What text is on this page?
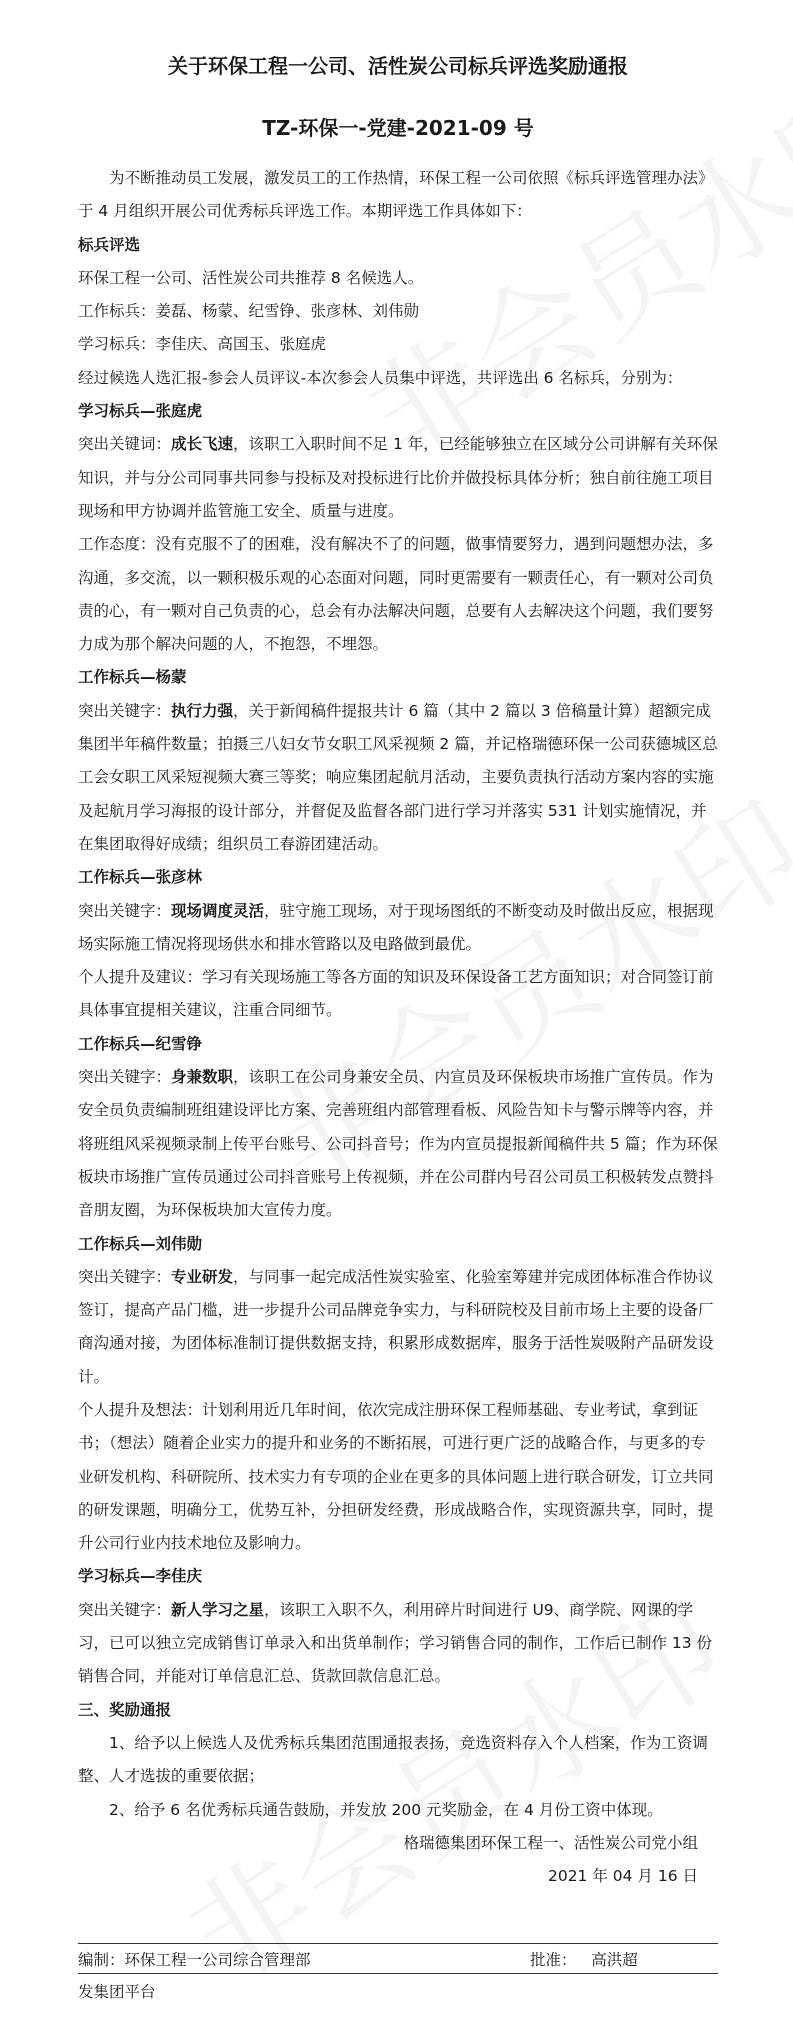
关于环保工程一公司、活性炭公司标兵评选奖励通报
TZ-环保一-党建-2021-09 号

为不断推动员工发展，激发员工的工作热情，环保工程一公司依照《标兵评选管理办法》于 4 月组织开展公司优秀标兵评选工作。本期评选工作具体如下：

标兵评选

环保工程一公司、活性炭公司共推荐 8 名候选人。

工作标兵：姜磊、杨蒙、纪雪铮、张彦林、刘伟勋

学习标兵：李佳庆、高国玉、张庭虎

经过候选人选汇报-参会人员评议-本次参会人员集中评选，共评选出 6 名标兵，分别为：

学习标兵—张庭虎

突出关键词：成长飞速，该职工入职时间不足 1 年，已经能够独立在区域分公司讲解有关环保知识，并与分公司同事共同参与投标及对投标进行比价并做投标具体分析；独自前往施工项目现场和甲方协调并监管施工安全、质量与进度。

工作态度：没有克服不了的困难，没有解决不了的问题，做事情要努力，遇到问题想办法，多沟通，多交流，以一颗积极乐观的心态面对问题，同时更需要有一颗责任心，有一颗对公司负责的心，有一颗对自己负责的心，总会有办法解决问题，总要有人去解决这个问题，我们要努力成为那个解决问题的人，不抱怨，不埋怨。

工作标兵—杨蒙

突出关键字：执行力强，关于新闻稿件提报共计 6 篇（其中 2 篇以 3 倍稿量计算）超额完成集团半年稿件数量；拍摄三八妇女节女职工风采视频 2 篇，并记格瑞德环保一公司获德城区总工会女职工风采短视频大赛三等奖；响应集团起航月活动，主要负责执行活动方案内容的实施及起航月学习海报的设计部分，并督促及监督各部门进行学习并落实 531 计划实施情况，并在集团取得好成绩；组织员工春游团建活动。

工作标兵—张彦林

突出关键字：现场调度灵活，驻守施工现场，对于现场图纸的不断变动及时做出反应，根据现场实际施工情况将现场供水和排水管路以及电路做到最优。

个人提升及建议：学习有关现场施工等各方面的知识及环保设备工艺方面知识；对合同签订前具体事宜提相关建议，注重合同细节。

工作标兵—纪雪铮

突出关键字：身兼数职，该职工在公司身兼安全员、内宣员及环保板块市场推广宣传员。作为安全员负责编制班组建设评比方案、完善班组内部管理看板、风险告知卡与警示牌等内容，并将班组风采视频录制上传平台账号、公司抖音号；作为内宣员提报新闻稿件共 5 篇；作为环保板块市场推广宣传员通过公司抖音账号上传视频，并在公司群内号召公司员工积极转发点赞抖音朋友圈，为环保板块加大宣传力度。

工作标兵—刘伟勋

突出关键字：专业研发，与同事一起完成活性炭实验室、化验室筹建并完成团体标准合作协议签订，提高产品门槛，进一步提升公司品牌竞争实力，与科研院校及目前市场上主要的设备厂商沟通对接，为团体标准制订提供数据支持，积累形成数据库，服务于活性炭吸附产品研发设计。

个人提升及想法：计划利用近几年时间，依次完成注册环保工程师基础、专业考试，拿到证书；（想法）随着企业实力的提升和业务的不断拓展，可进行更广泛的战略合作，与更多的专业研发机构、科研院所、技术实力有专项的企业在更多的具体问题上进行联合研发，订立共同的研发课题，明确分工，优势互补，分担研发经费，形成战略合作，实现资源共享，同时，提升公司行业内技术地位及影响力。

学习标兵—李佳庆

突出关键字：新人学习之星，该职工入职不久，利用碎片时间进行 U9、商学院、网课的学习，已可以独立完成销售订单录入和出货单制作；学习销售合同的制作，工作后已制作 13 份销售合同，并能对订单信息汇总、货款回款信息汇总。

三、奖励通报

1、给予以上候选人及优秀标兵集团范围通报表扬，竞选资料存入个人档案，作为工资调整、人才选拔的重要依据；

2、给予 6 名优秀标兵通告鼓励，并发放 200 元奖励金，在 4 月份工资中体现。

格瑞德集团环保工程一、活性炭公司党小组

2021 年 04 月 16 日

编制：环保工程一公司综合管理部	批准： 高洪超
发集团平台
